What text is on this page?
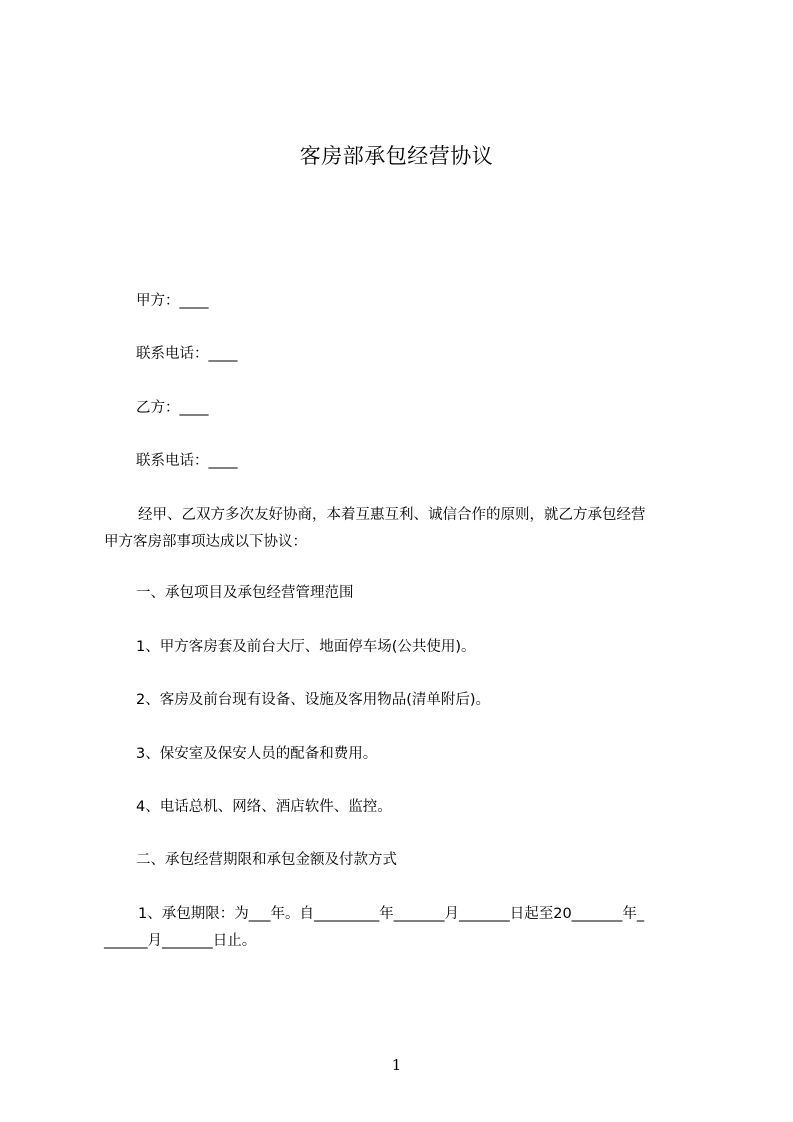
客房部承包经营协议
甲方：____
联系电话：____
乙方：____
联系电话：____
经甲、乙双方多次友好协商，本着互惠互利、诚信合作的原则，就乙方承包经营
甲方客房部事项达成以下协议：
一、承包项目及承包经营管理范围
1、甲方客房套及前台大厅、地面停车场(公共使用)。
2、客房及前台现有设备、设施及客用物品(清单附后)。
3、保安室及保安人员的配备和费用。
4、电话总机、网络、酒店软件、监控。
二、承包经营期限和承包金额及付款方式
1、承包期限：为___年。自_________年_______月_______日起至20_______年_
______月_______日止。
1
